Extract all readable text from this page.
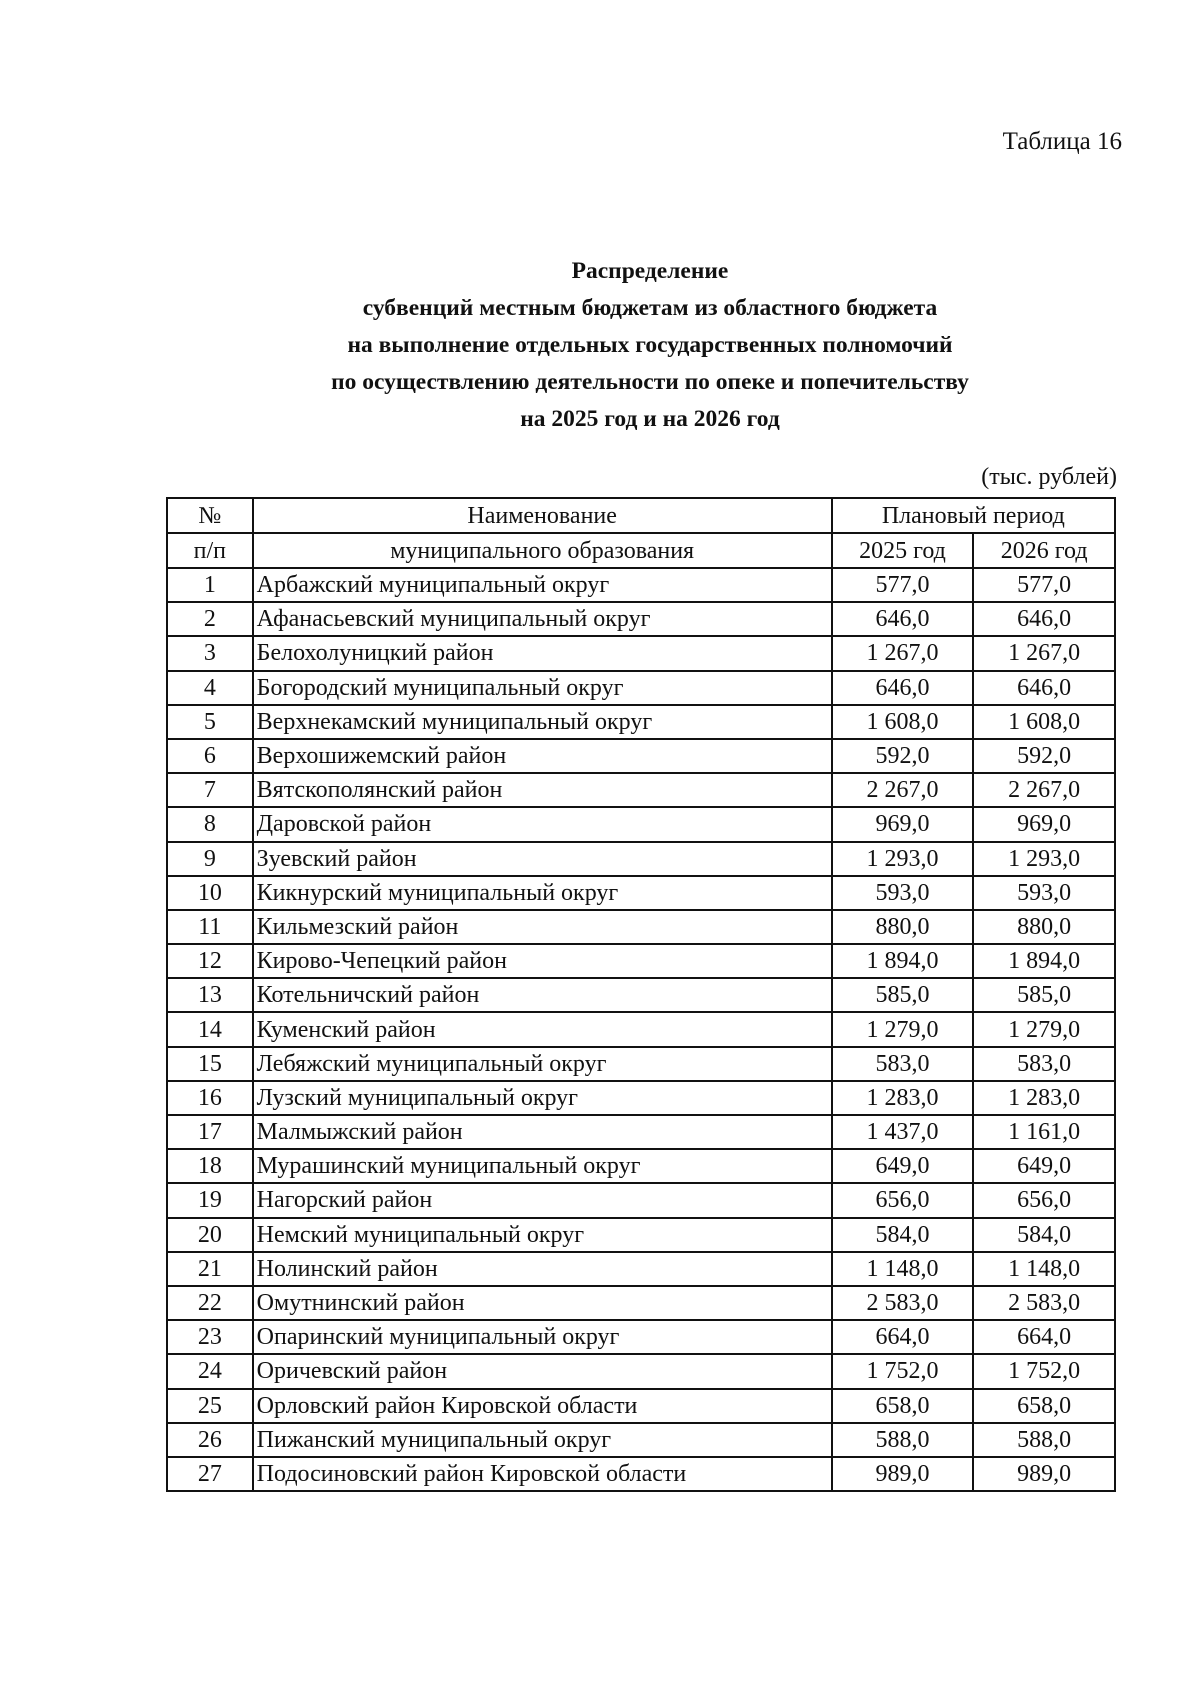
Таблица 16
Распределение
субвенций местным бюджетам из областного бюджета
на выполнение отдельных государственных полномочий
по осуществлению деятельности по опеке и попечительству
на 2025 год и на 2026 год
(тыс. рублей)
№	Наименование	Плановый период	
п/п	муниципального образования	2025 год	2026 год
1	Арбажский муниципальный округ	577,0	577,0
2	Афанасьевский муниципальный округ	646,0	646,0
3	Белохолуницкий район	1 267,0	1 267,0
4	Богородский муниципальный округ	646,0	646,0
5	Верхнекамский муниципальный округ	1 608,0	1 608,0
6	Верхошижемский район	592,0	592,0
7	Вятскополянский район	2 267,0	2 267,0
8	Даровской район	969,0	969,0
9	Зуевский район	1 293,0	1 293,0
10	Кикнурский муниципальный округ	593,0	593,0
11	Кильмезский район	880,0	880,0
12	Кирово-Чепецкий район	1 894,0	1 894,0
13	Котельничский район	585,0	585,0
14	Куменский район	1 279,0	1 279,0
15	Лебяжский муниципальный округ	583,0	583,0
16	Лузский муниципальный округ	1 283,0	1 283,0
17	Малмыжский район	1 437,0	1 161,0
18	Мурашинский муниципальный округ	649,0	649,0
19	Нагорский район	656,0	656,0
20	Немский муниципальный округ	584,0	584,0
21	Нолинский район	1 148,0	1 148,0
22	Омутнинский район	2 583,0	2 583,0
23	Опаринский муниципальный округ	664,0	664,0
24	Оричевский район	1 752,0	1 752,0
25	Орловский район Кировской области	658,0	658,0
26	Пижанский муниципальный округ	588,0	588,0
27	Подосиновский район Кировской области	989,0	989,0
